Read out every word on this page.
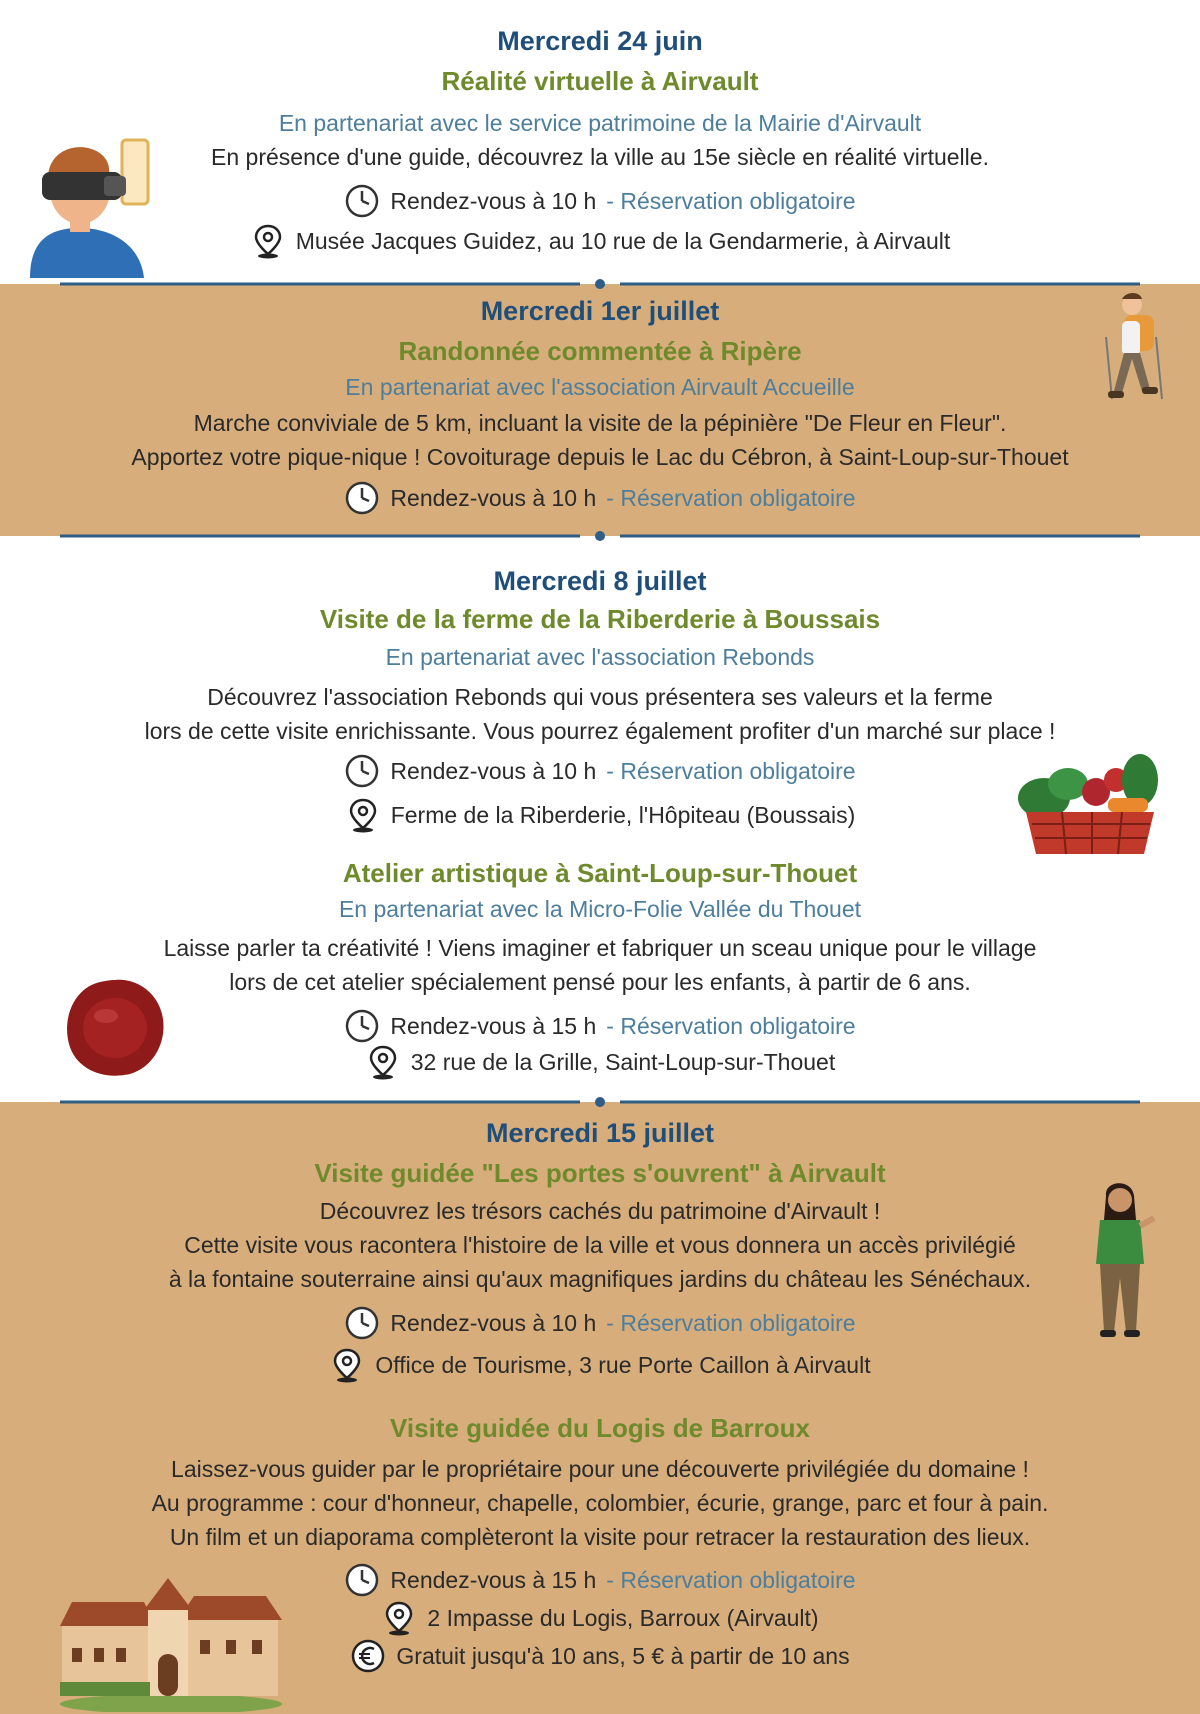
Mercredi 24 juin
Réalité virtuelle à Airvault
En partenariat avec le service patrimoine de la Mairie d'Airvault
En présence d'une guide, découvrez la ville au 15e siècle en réalité virtuelle.
Rendez-vous à 10 h - Réservation obligatoire
Musée Jacques Guidez, au 10 rue de la Gendarmerie, à Airvault
Mercredi 1er juillet
Randonnée commentée à Ripère
En partenariat avec l'association Airvault Accueille
Marche conviviale de 5 km, incluant la visite de la pépinière "De Fleur en Fleur".
Apportez votre pique-nique ! Covoiturage depuis le Lac du Cébron, à Saint-Loup-sur-Thouet
Rendez-vous à 10 h - Réservation obligatoire
Mercredi 8 juillet
Visite de la ferme de la Riberderie à Boussais
En partenariat avec l'association Rebonds
Découvrez l'association Rebonds qui vous présentera ses valeurs et la ferme
lors de cette visite enrichissante. Vous pourrez également profiter d'un marché sur place !
Rendez-vous à 10 h - Réservation obligatoire
Ferme de la Riberderie, l'Hôpiteau (Boussais)
Atelier artistique à Saint-Loup-sur-Thouet
En partenariat avec la Micro-Folie Vallée du Thouet
Laisse parler ta créativité ! Viens imaginer et fabriquer un sceau unique pour le village
lors de cet atelier spécialement pensé pour les enfants, à partir de 6 ans.
Rendez-vous à 15 h - Réservation obligatoire
32 rue de la Grille, Saint-Loup-sur-Thouet
Mercredi 15 juillet
Visite guidée "Les portes s'ouvrent" à Airvault
Découvrez les trésors cachés du patrimoine d'Airvault !
Cette visite vous racontera l'histoire de la ville et vous donnera un accès privilégié
à la fontaine souterraine ainsi qu'aux magnifiques jardins du château les Sénéchaux.
Rendez-vous à 10 h - Réservation obligatoire
Office de Tourisme, 3 rue Porte Caillon à Airvault
Visite guidée du Logis de Barroux
Laissez-vous guider par le propriétaire pour une découverte privilégiée du domaine !
Au programme : cour d'honneur, chapelle, colombier, écurie, grange, parc et four à pain.
Un film et un diaporama complèteront la visite pour retracer la restauration des lieux.
Rendez-vous à 15 h - Réservation obligatoire
2 Impasse du Logis, Barroux (Airvault)
Gratuit jusqu'à 10 ans, 5 € à partir de 10 ans
